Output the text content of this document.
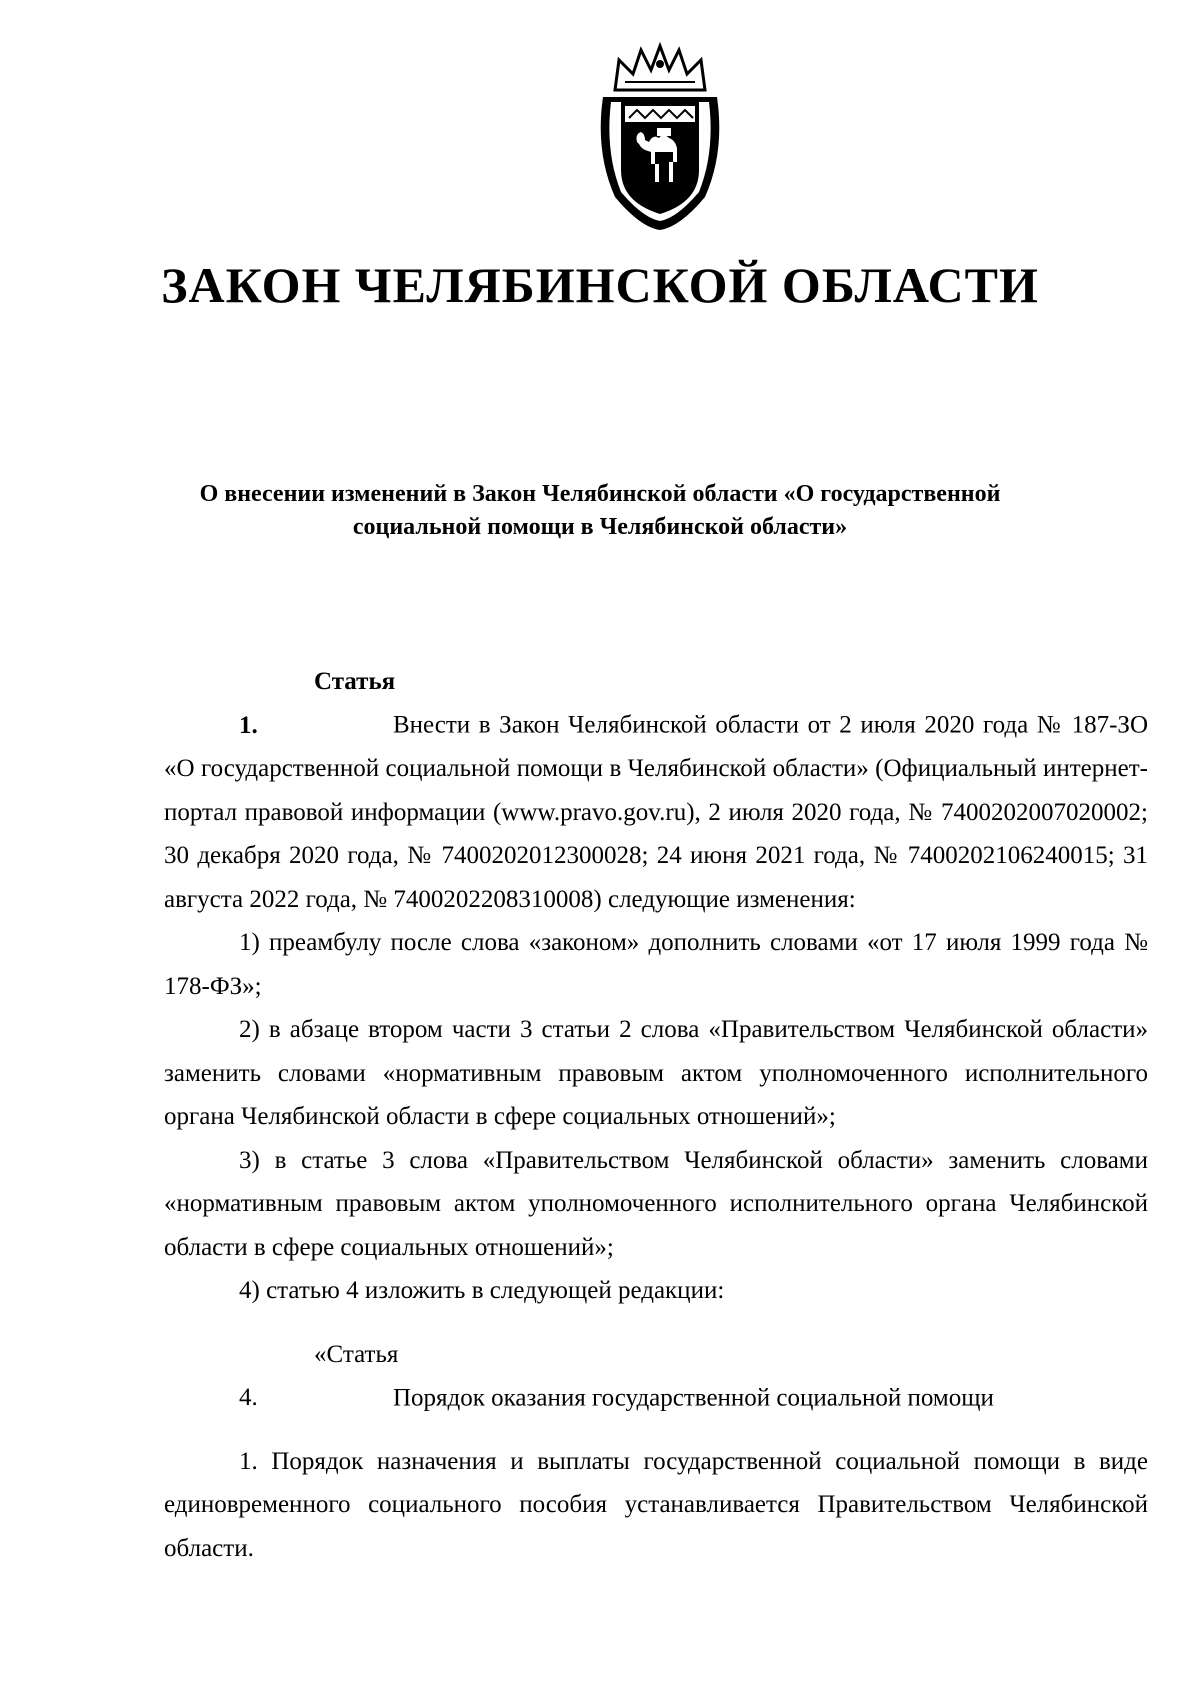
ЗАКОН ЧЕЛЯБИНСКОЙ ОБЛАСТИ
О внесении изменений в Закон Челябинской области «О государственной
социальной помощи в Челябинской области»

Статья 1.	Внести в Закон Челябинской области от 2 июля 2020 года № 187-ЗО «О государственной социальной помощи в Челябинской области» (Официальный интернет-портал правовой информации (www.pravo.gov.ru), 2 июля 2020 года, № 7400202007020002; 30 декабря 2020 года, № 7400202012300028; 24 июня 2021 года, № 7400202106240015; 31 августа 2022 года, № 7400202208310008) следующие изменения:

1) преамбулу после слова «законом» дополнить словами «от 17 июля 1999 года № 178-ФЗ»;

2) в абзаце втором части 3 статьи 2 слова «Правительством Челябинской области» заменить словами «нормативным правовым актом уполномоченного исполнительного органа Челябинской области в сфере социальных отношений»;

3) в статье 3 слова «Правительством Челябинской области» заменить словами «нормативным правовым актом уполномоченного исполнительного органа Челябинской области в сфере социальных отношений»;

4) статью 4 изложить в следующей редакции:

«Статья 4.	Порядок оказания государственной социальной помощи

1. Порядок назначения и выплаты государственной социальной помощи в виде единовременного социального пособия устанавливается Правительством Челябинской области.
